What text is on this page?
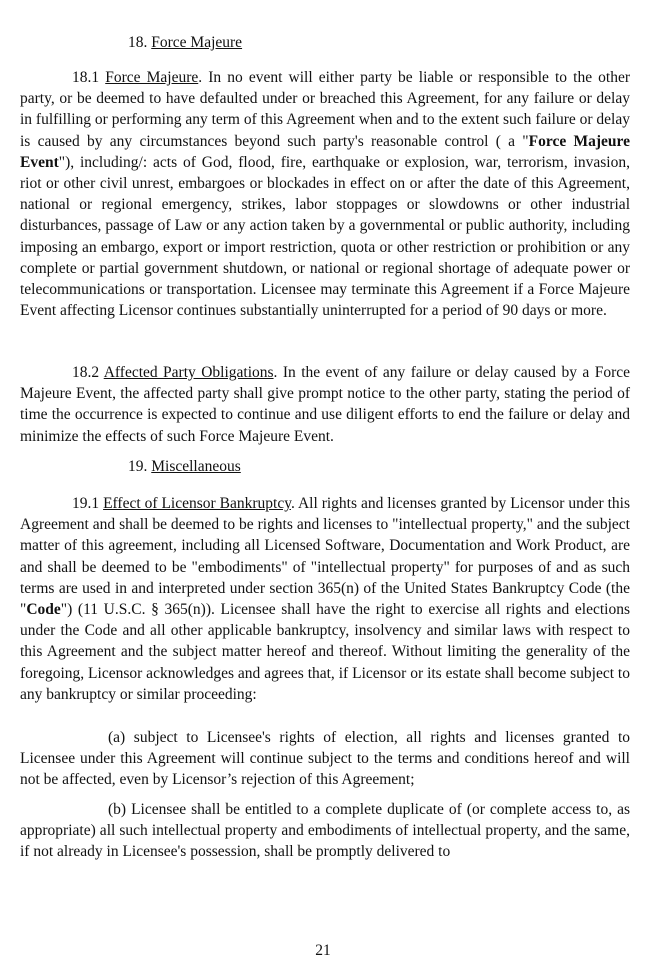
18. Force Majeure
18.1 Force Majeure. In no event will either party be liable or responsible to the other party, or be deemed to have defaulted under or breached this Agreement, for any failure or delay in fulfilling or performing any term of this Agreement when and to the extent such failure or delay is caused by any circumstances beyond such party's reasonable control ( a "Force Majeure Event"), including/: acts of God, flood, fire, earthquake or explosion, war, terrorism, invasion, riot or other civil unrest, embargoes or blockades in effect on or after the date of this Agreement, national or regional emergency, strikes, labor stoppages or slowdowns or other industrial disturbances, passage of Law or any action taken by a governmental or public authority, including imposing an embargo, export or import restriction, quota or other restriction or prohibition or any complete or partial government shutdown, or national or regional shortage of adequate power or telecommunications or transportation. Licensee may terminate this Agreement if a Force Majeure Event affecting Licensor continues substantially uninterrupted for a period of 90 days or more.
18.2 Affected Party Obligations. In the event of any failure or delay caused by a Force Majeure Event, the affected party shall give prompt notice to the other party, stating the period of time the occurrence is expected to continue and use diligent efforts to end the failure or delay and minimize the effects of such Force Majeure Event.
19. Miscellaneous
19.1 Effect of Licensor Bankruptcy. All rights and licenses granted by Licensor under this Agreement and shall be deemed to be rights and licenses to "intellectual property," and the subject matter of this agreement, including all Licensed Software, Documentation and Work Product, are and shall be deemed to be "embodiments" of "intellectual property" for purposes of and as such terms are used in and interpreted under section 365(n) of the United States Bankruptcy Code (the "Code") (11 U.S.C. § 365(n)). Licensee shall have the right to exercise all rights and elections under the Code and all other applicable bankruptcy, insolvency and similar laws with respect to this Agreement and the subject matter hereof and thereof. Without limiting the generality of the foregoing, Licensor acknowledges and agrees that, if Licensor or its estate shall become subject to any bankruptcy or similar proceeding:
(a) subject to Licensee's rights of election, all rights and licenses granted to Licensee under this Agreement will continue subject to the terms and conditions hereof and will not be affected, even by Licensor’s rejection of this Agreement;
(b) Licensee shall be entitled to a complete duplicate of (or complete access to, as appropriate) all such intellectual property and embodiments of intellectual property, and the same, if not already in Licensee's possession, shall be promptly delivered to
21
